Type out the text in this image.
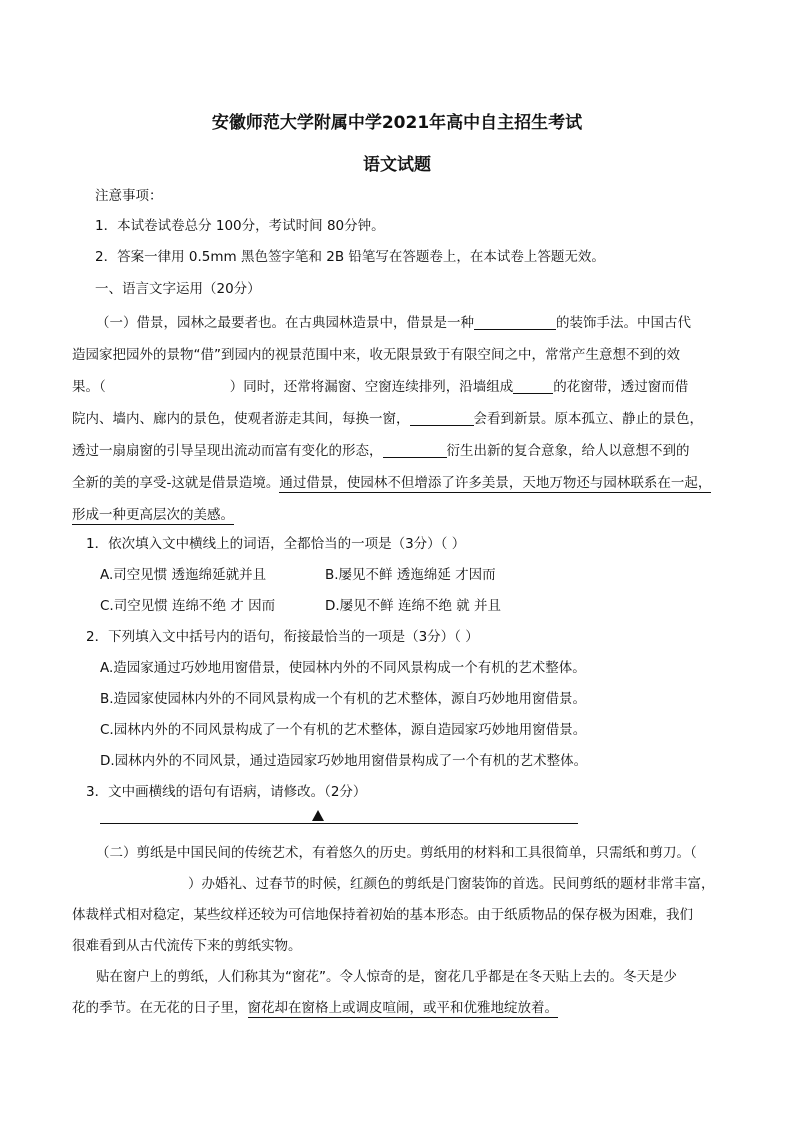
安徽师范大学附属中学2021年高中自主招生考试
语文试题
注意事项：
1．本试卷试卷总分 100分，考试时间 80分钟。
2．答案一律用 0.5mm 黑色签字笔和 2B 铅笔写在答题卷上，在本试卷上答题无效。
一、语言文字运用（20分）
（一）借景，园林之最要者也。在古典园林造景中，借景是一种	的装饰手法。中国古代
造园家把园外的景物“借”到园内的视景范围中来，收无限景致于有限空间之中，常常产生意想不到的效
果。（	）同时，还常将漏窗、空窗连续排列，沿墙组成	的花窗带，透过窗而借
院内、墙内、廊内的景色，使观者游走其间，每换一窗，	会看到新景。原本孤立、静止的景色，
透过一扇扇窗的引导呈现出流动而富有变化的形态，	衍生出新的复合意象，给人以意想不到的
全新的美的享受-这就是借景造境。通过借景，使园林不但增添了许多美景，天地万物还与园林联系在一起，
形成一种更高层次的美感。
1．依次填入文中横线上的词语，全都恰当的一项是（3分）（ ）
A.司空见惯 透迤绵延就并且	B.屡见不鲜 透迤绵延 才因而
C.司空见惯 连绵不绝 才 因而	D.屡见不鲜 连绵不绝 就 并且
2．下列填入文中括号内的语句，衔接最恰当的一项是（3分）（ ）
A.造园家通过巧妙地用窗借景，使园林内外的不同风景构成一个有机的艺术整体。
B.造园家使园林内外的不同风景构成一个有机的艺术整体，源自巧妙地用窗借景。
C.园林内外的不同风景构成了一个有机的艺术整体，源自造园家巧妙地用窗借景。
D.园林内外的不同风景，通过造园家巧妙地用窗借景构成了一个有机的艺术整体。
3．文中画横线的语句有语病，请修改。（2分）
（二）剪纸是中国民间的传统艺术，有着悠久的历史。剪纸用的材料和工具很简单，只需纸和剪刀。（
）办婚礼、过春节的时候，红颜色的剪纸是门窗装饰的首选。民间剪纸的题材非常丰富，
体裁样式相对稳定，某些纹样还较为可信地保持着初始的基本形态。由于纸质物品的保存极为困难，我们
很难看到从古代流传下来的剪纸实物。
贴在窗户上的剪纸，人们称其为“窗花”。令人惊奇的是，窗花几乎都是在冬天贴上去的。冬天是少
花的季节。在无花的日子里，窗花却在窗格上或调皮喧闹，或平和优雅地绽放着。
